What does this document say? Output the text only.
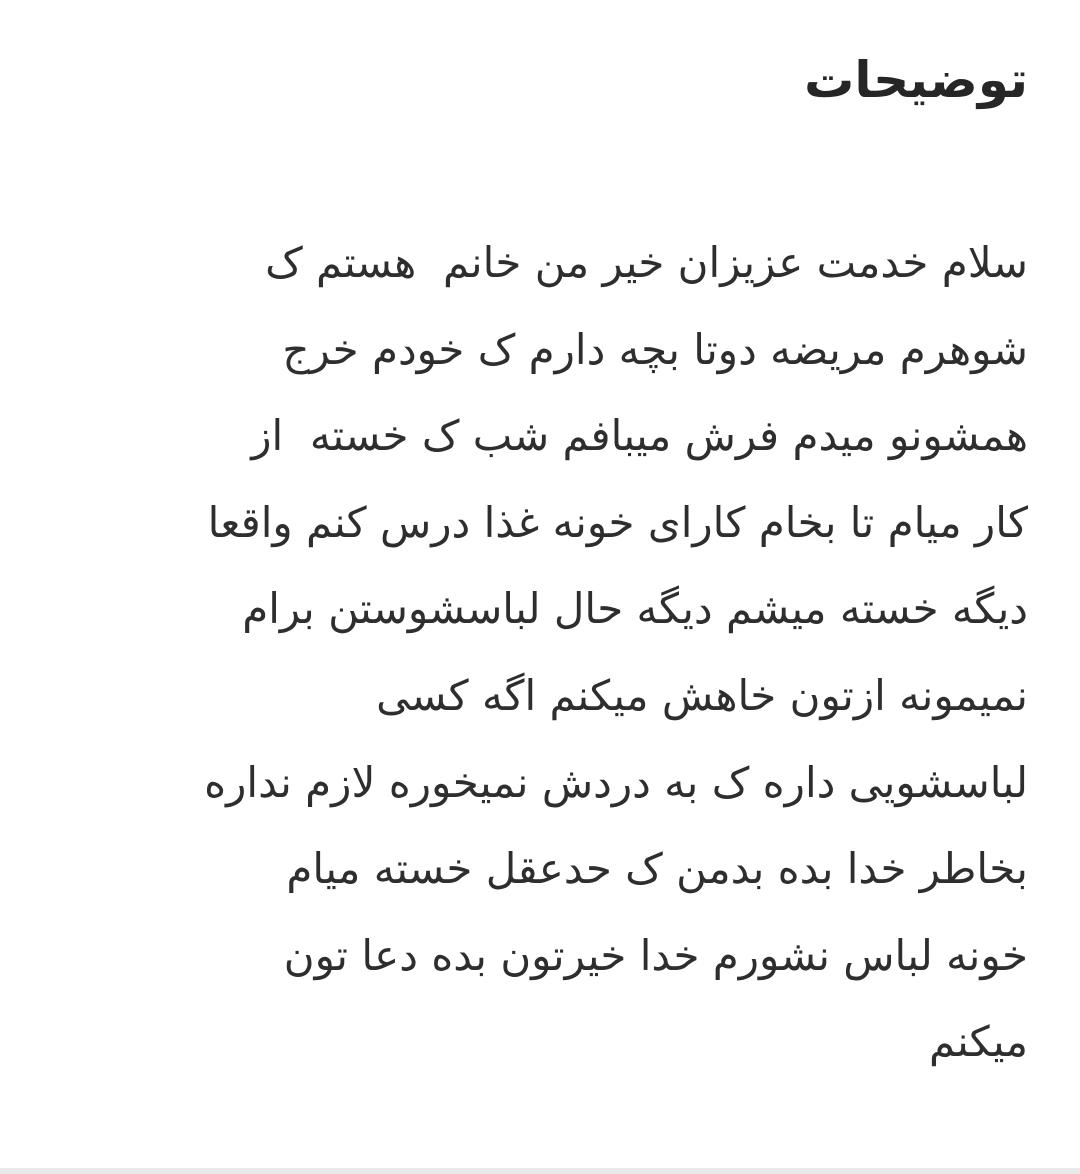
توضیحات
سلام خدمت عزیزان خیر من خانم  هستم ک
شوهرم مریضه دوتا بچه دارم ک خودم خرج
همشونو میدم فرش میبافم شب ک خسته  از
کار میام تا بخام کارای خونه غذا درس کنم واقعا
دیگه خسته میشم دیگه حال لباسشوستن برام
نمیمونه ازتون خاهش میکنم اگه کسی
لباسشویی داره ک به دردش نمیخوره لازم نداره
بخاطر خدا بده بدمن ک حدعقل خسته میام
خونه لباس نشورم خدا خیرتون بده دعا تون
میکنم
